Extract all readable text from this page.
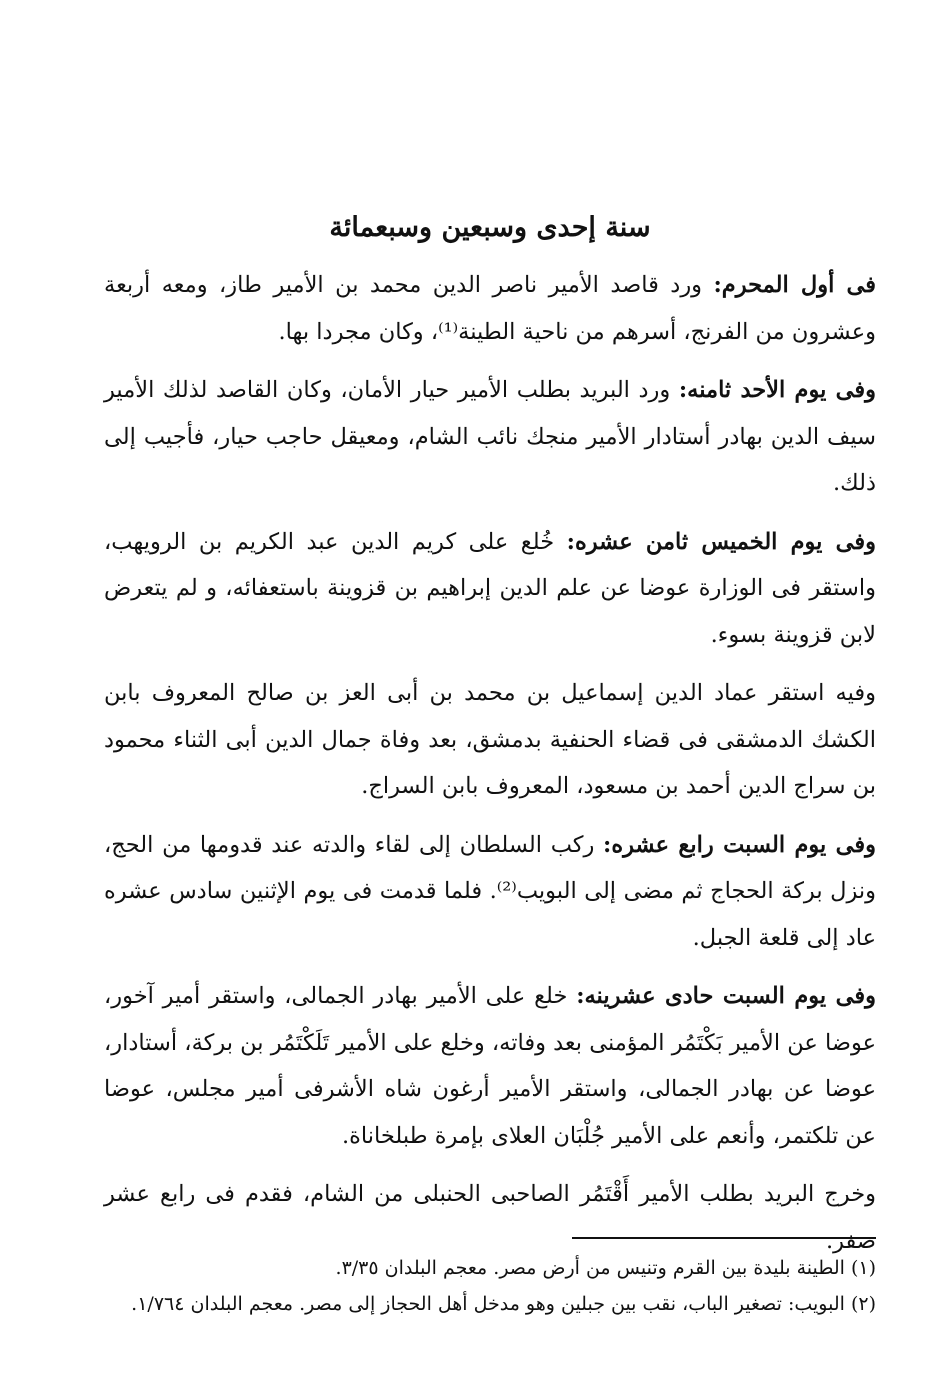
سنة إحدى وسبعين وسبعمائة

فى أول المحرم: ورد قاصد الأمير ناصر الدين محمد بن الأمير طاز، ومعه أربعة وعشرون من الفرنج، أسرهم من ناحية الطينة⁽¹⁾، وكان مجردا بها.

وفى يوم الأحد ثامنه: ورد البريد بطلب الأمير حيار الأمان، وكان القاصد لذلك الأمير سيف الدين بهادر أستادار الأمير منجك نائب الشام، ومعيقل حاجب حيار، فأجيب إلى ذلك.

وفى يوم الخميس ثامن عشره: خُلع على كريم الدين عبد الكريم بن الرويهب، واستقر فى الوزارة عوضا عن علم الدين إبراهيم بن قزوينة باستعفائه، و لم يتعرض لابن قزوينة بسوء.

وفيه استقر عماد الدين إسماعيل بن محمد بن أبى العز بن صالح المعروف بابن الكشك الدمشقى فى قضاء الحنفية بدمشق، بعد وفاة جمال الدين أبى الثناء محمود بن سراج الدين أحمد بن مسعود، المعروف بابن السراج.

وفى يوم السبت رابع عشره: ركب السلطان إلى لقاء والدته عند قدومها من الحج، ونزل بركة الحجاج ثم مضى إلى البويب⁽²⁾. فلما قدمت فى يوم الإثنين سادس عشره عاد إلى قلعة الجبل.

وفى يوم السبت حادى عشرينه: خلع على الأمير بهادر الجمالى، واستقر أمير آخور، عوضا عن الأمير بَكْتَمُر المؤمنى بعد وفاته، وخلع على الأمير تَلَكْتَمُر بن بركة، أستادار، عوضا عن بهادر الجمالى، واستقر الأمير أرغون شاه الأشرفى أمير مجلس، عوضا عن تلكتمر، وأنعم على الأمير جُلْبَان العلاى بإمرة طبلخاناة.

وخرج البريد بطلب الأمير أَقْتَمُر الصاحبى الحنبلى من الشام، فقدم فى رابع عشر صفر.

(١) الطينة بليدة بين القرم وتنيس من أرض مصر. معجم البلدان ٣/٣٥.

(٢) البويب: تصغير الباب، نقب بين جبلين وهو مدخل أهل الحجاز إلى مصر. معجم البلدان ١/٧٦٤.
